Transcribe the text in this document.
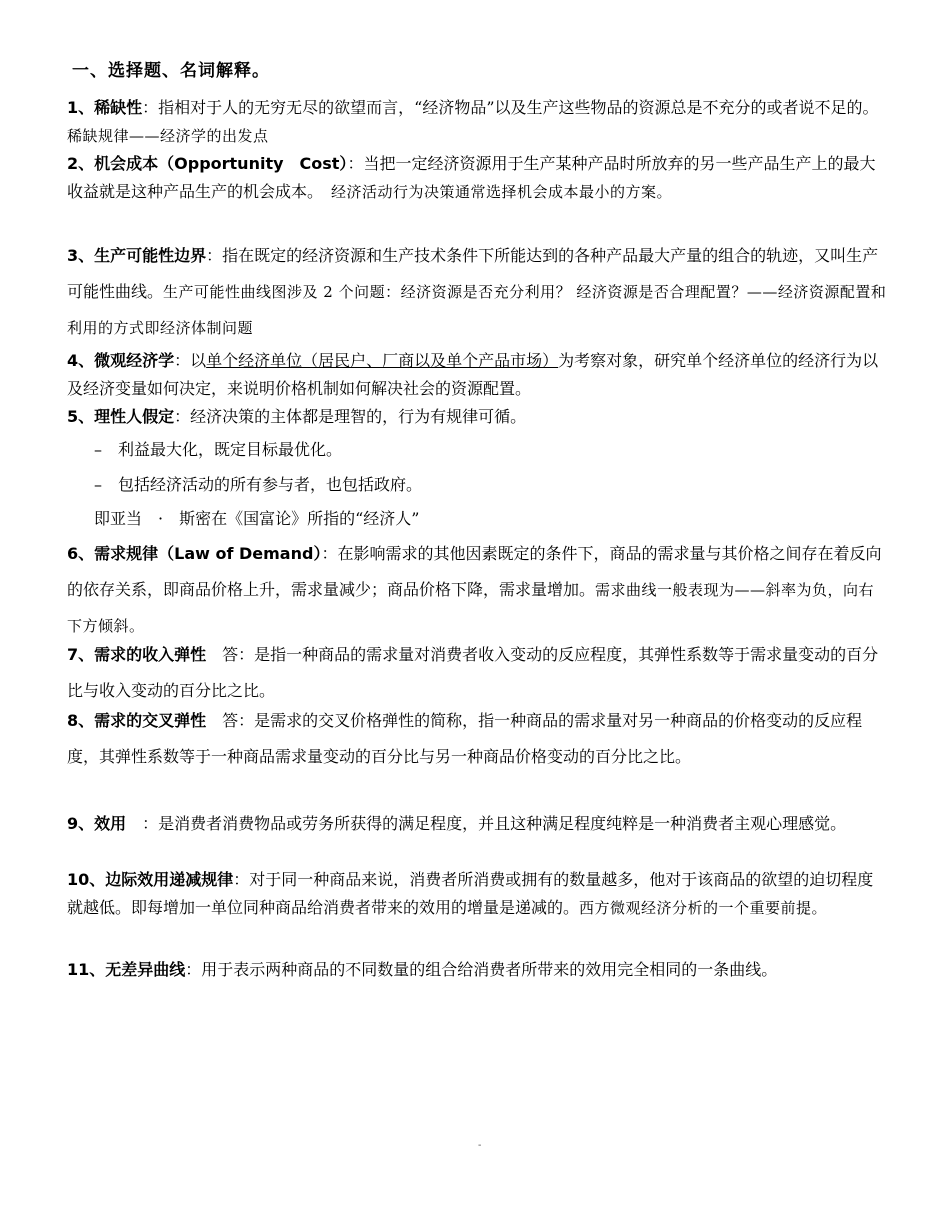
一、选择题、名词解释。
1、稀缺性：指相对于人的无穷无尽的欲望而言，“经济物品”以及生产这些物品的资源总是不充分的或者说不足的。稀缺规律——经济学的出发点
2、机会成本（Opportunity　Cost）：当把一定经济资源用于生产某种产品时所放弃的另一些产品生产上的最大收益就是这种产品生产的机会成本。　 经济活动行为决策通常选择机会成本最小的方案。
3、生产可能性边界：指在既定的经济资源和生产技术条件下所能达到的各种产品最大产量的组合的轨迹，又叫生产可能性曲线。生产可能性曲线图涉及 2 个问题：经济资源是否充分利用？ 经济资源是否合理配置？——经济资源配置和利用的方式即经济体制问题
4、微观经济学：以单个经济单位（居民户、厂商以及单个产品市场）为考察对象，研究单个经济单位的经济行为以及经济变量如何决定，来说明价格机制如何解决社会的资源配置。
5、理性人假定：经济决策的主体都是理智的，行为有规律可循。
–　利益最大化，既定目标最优化。
–　包括经济活动的所有参与者，也包括政府。
即亚当　·　斯密在《国富论》所指的“经济人”
6、需求规律（Law of Demand）：在影响需求的其他因素既定的条件下，商品的需求量与其价格之间存在着反向的依存关系，即商品价格上升，需求量减少；商品价格下降，需求量增加。需求曲线一般表现为——斜率为负，向右下方倾斜。
7、需求的收入弹性　答：是指一种商品的需求量对消费者收入变动的反应程度，其弹性系数等于需求量变动的百分比与收入变动的百分比之比。
8、需求的交叉弹性　答：是需求的交叉价格弹性的简称，指一种商品的需求量对另一种商品的价格变动的反应程度，其弹性系数等于一种商品需求量变动的百分比与另一种商品价格变动的百分比之比。
9、效用　：是消费者消费物品或劳务所获得的满足程度，并且这种满足程度纯粹是一种消费者主观心理感觉。
10、边际效用递减规律：对于同一种商品来说，消费者所消费或拥有的数量越多，他对于该商品的欲望的迫切程度就越低。即每增加一单位同种商品给消费者带来的效用的增量是递减的。西方微观经济分析的一个重要前提。
11、无差异曲线：用于表示两种商品的不同数量的组合给消费者所带来的效用完全相同的一条曲线。
-
